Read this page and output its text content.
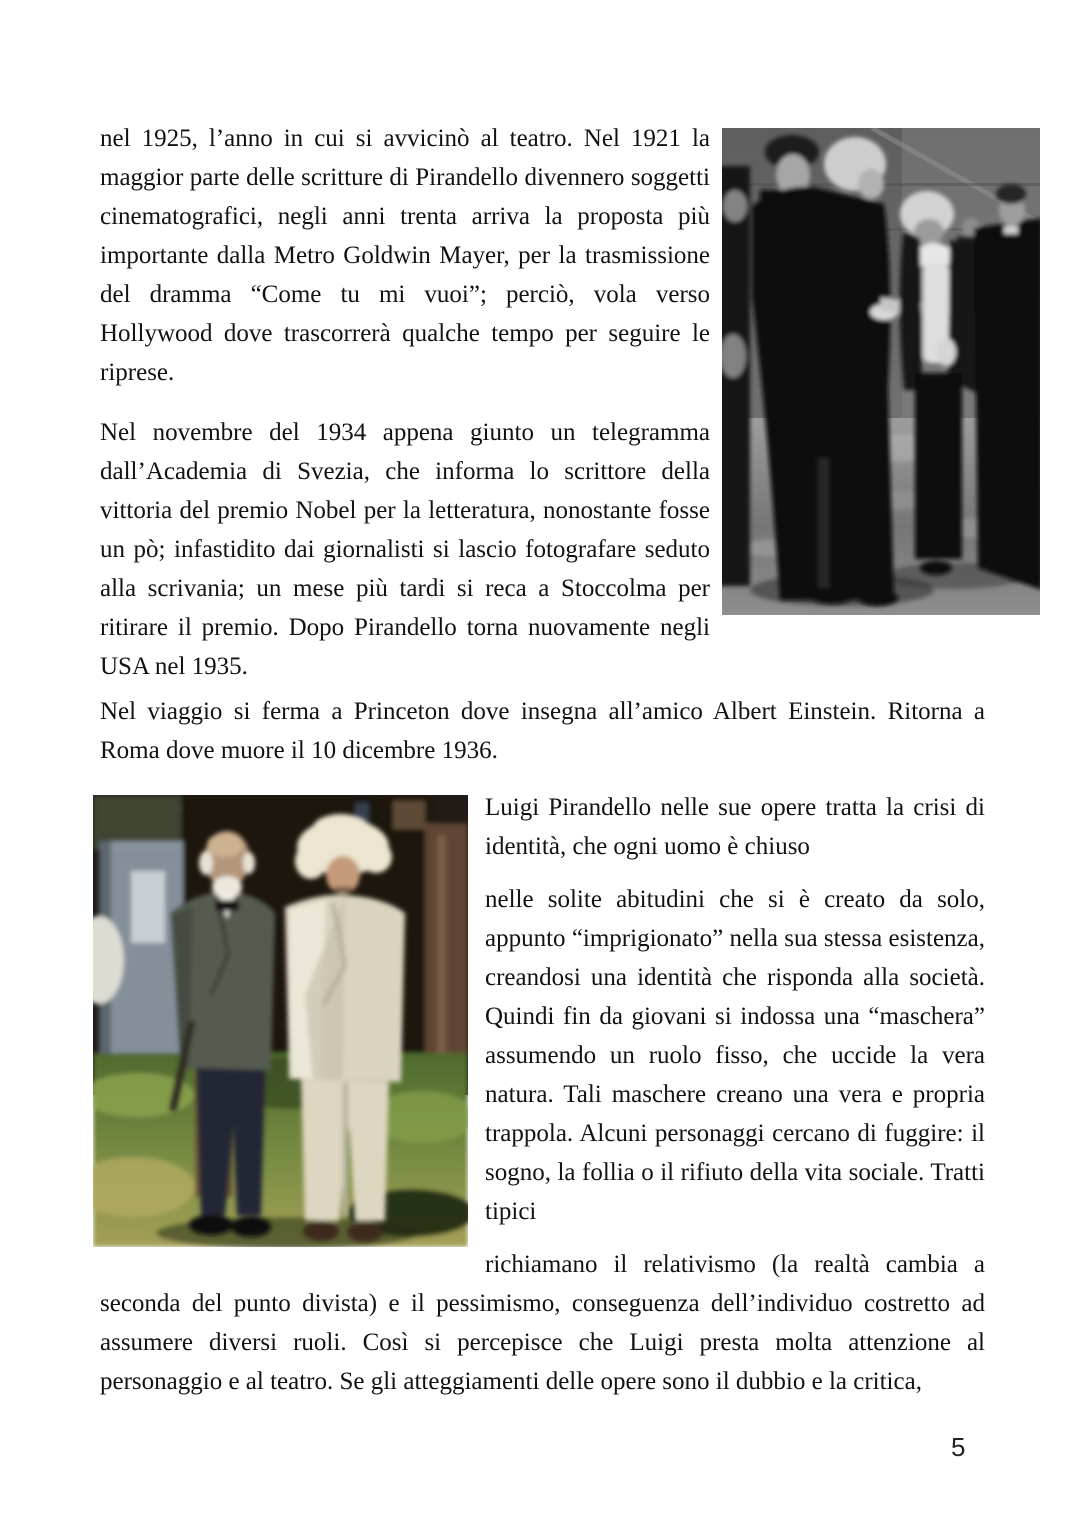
nel 1925, l’anno in cui si avvicinò al teatro. Nel 1921 la maggior parte delle scritture di Pirandello divennero soggetti cinematografici, negli anni trenta arriva la proposta più importante dalla Metro Goldwin Mayer, per la trasmissione del dramma “Come tu mi vuoi”; perciò, vola verso Hollywood dove trascorrerà qualche tempo per seguire le riprese.

Nel novembre del 1934 appena giunto un telegramma dall’Academia di Svezia, che informa lo scrittore della vittoria del premio Nobel per la letteratura, nonostante fosse un pò; infastidito dai giornalisti si lascio fotografare seduto alla scrivania; un mese più tardi si reca a Stoccolma per ritirare il premio. Dopo Pirandello torna nuovamente negli USA nel 1935.

Nel viaggio si ferma a Princeton dove insegna all’amico Albert Einstein. Ritorna a Roma dove muore il 10 dicembre 1936.

Luigi Pirandello nelle sue opere tratta la crisi di identità, che ogni uomo è chiuso

nelle solite abitudini che si è creato da solo, appunto “imprigionato” nella sua stessa esistenza, creandosi una identità che risponda alla società. Quindi fin da giovani si indossa una “maschera” assumendo un ruolo fisso, che uccide la vera natura. Tali maschere creano una vera e propria trappola. Alcuni personaggi cercano di fuggire: il sogno, la follia o il rifiuto della vita sociale. Tratti tipici

richiamano il relativismo (la realtà cambia a seconda del punto divista) e il pessimismo, conseguenza dell’individuo costretto ad assumere diversi ruoli. Così si percepisce che Luigi presta molta attenzione al personaggio e al teatro. Se gli atteggiamenti delle opere sono il dubbio e la critica,

5
